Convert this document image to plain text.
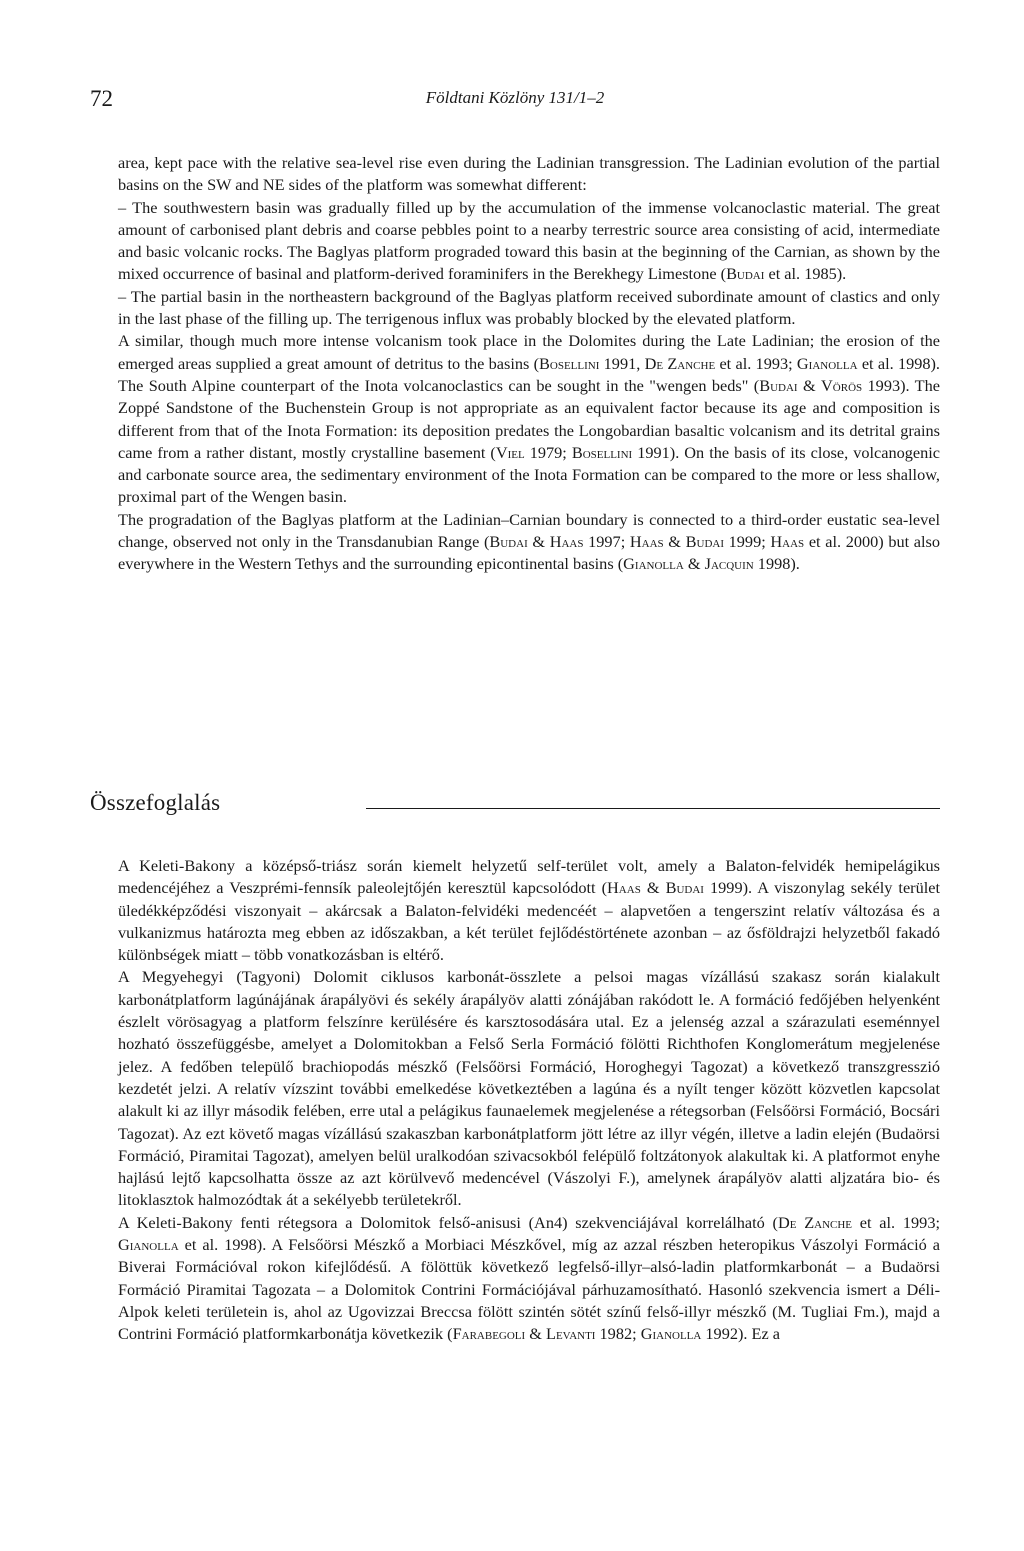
72	Földtani Közlöny 131/1–2

area, kept pace with the relative sea-level rise even during the Ladinian transgression. The Ladinian evolution of the partial basins on the SW and NE sides of the platform was somewhat different:

– The southwestern basin was gradually filled up by the accumulation of the immense volcanoclastic material. The great amount of carbonised plant debris and coarse pebbles point to a nearby terrestric source area consisting of acid, intermediate and basic volcanic rocks. The Baglyas platform prograded toward this basin at the beginning of the Carnian, as shown by the mixed occurrence of basinal and platform-derived foraminifers in the Berekhegy Limestone (Budai et al. 1985).

– The partial basin in the northeastern background of the Baglyas platform received subordinate amount of clastics and only in the last phase of the filling up. The terrigenous influx was probably blocked by the elevated platform.

A similar, though much more intense volcanism took place in the Dolomites during the Late Ladinian; the erosion of the emerged areas supplied a great amount of detritus to the basins (Bosellini 1991, De Zanche et al. 1993; Gianolla et al. 1998). The South Alpine counterpart of the Inota volcanoclastics can be sought in the "wengen beds" (Budai & Vörös 1993). The Zoppé Sandstone of the Buchenstein Group is not appropriate as an equivalent factor because its age and composition is different from that of the Inota Formation: its deposition predates the Longobardian basaltic volcanism and its detrital grains came from a rather distant, mostly crystalline basement (Viel 1979; Bosellini 1991). On the basis of its close, volcanogenic and carbonate source area, the sedimentary environment of the Inota Formation can be compared to the more or less shallow, proximal part of the Wengen basin.

The progradation of the Baglyas platform at the Ladinian–Carnian boundary is connected to a third-order eustatic sea-level change, observed not only in the Transdanubian Range (Budai & Haas 1997; Haas & Budai 1999; Haas et al. 2000) but also everywhere in the Western Tethys and the surrounding epicontinental basins (Gianolla & Jacquin 1998).

Összefoglalás

A Keleti-Bakony a középső-triász során kiemelt helyzetű self-terület volt, amely a Balaton-felvidék hemipelágikus medencéjéhez a Veszprémi-fennsík paleolejtőjén keresztül kapcsolódott (Haas & Budai 1999). A viszonylag sekély terület üledékképződési viszonyait – akárcsak a Balaton-felvidéki medencéét – alapvetően a tengerszint relatív változása és a vulkanizmus határozta meg ebben az időszakban, a két terület fejlődéstörténete azonban – az ősföldrajzi helyzetből fakadó különbségek miatt – több vonatkozásban is eltérő.

A Megyehegyi (Tagyoni) Dolomit ciklusos karbonát-összlete a pelsoi magas vízállású szakasz során kialakult karbonátplatform lagúnájának árapályövi és sekély árapályöv alatti zónájában rakódott le. A formáció fedőjében helyenként észlelt vörösagyag a platform felszínre kerülésére és karsztosodására utal. Ez a jelenség azzal a szárazulati eseménnyel hozható összefüggésbe, amelyet a Dolomitokban a Felső Serla Formáció fölötti Richthofen Konglomerátum megjelenése jelez. A fedőben települő brachiopodás mészkő (Felsőörsi Formáció, Horoghegyi Tagozat) a következő transzgresszió kezdetét jelzi. A relatív vízszint további emelkedése következtében a lagúna és a nyílt tenger között közvetlen kapcsolat alakult ki az illyr második felében, erre utal a pelágikus faunaelemek megjelenése a rétegsorban (Felsőörsi Formáció, Bocsári Tagozat). Az ezt követő magas vízállású szakaszban karbonátplatform jött létre az illyr végén, illetve a ladin elején (Budaörsi Formáció, Piramitai Tagozat), amelyen belül uralkodóan szivacsokból felépülő foltzátonyok alakultak ki. A platformot enyhe hajlású lejtő kapcsolhatta össze az azt körülvevő medencével (Vászolyi F.), amelynek árapályöv alatti aljzatára bio- és litoklasztok halmozódtak át a sekélyebb területekről.

A Keleti-Bakony fenti rétegsora a Dolomitok felső-anisusi (An4) szekvenciájával korrelálható (De Zanche et al. 1993; Gianolla et al. 1998). A Felsőörsi Mészkő a Morbiaci Mészkővel, míg az azzal részben heteropikus Vászolyi Formáció a Biverai Formációval rokon kifejlődésű. A fölöttük következő legfelső-illyr–alsó-ladin platformkarbonát – a Budaörsi Formáció Piramitai Tagozata – a Dolomitok Contrini Formációjával párhuzamosítható. Hasonló szekvencia ismert a Déli-Alpok keleti területein is, ahol az Ugovizzai Breccsa fölött szintén sötét színű felső-illyr mészkő (M. Tugliai Fm.), majd a Contrini Formáció platformkarbonátja következik (Farabegoli & Levanti 1982; Gianolla 1992). Ez a
